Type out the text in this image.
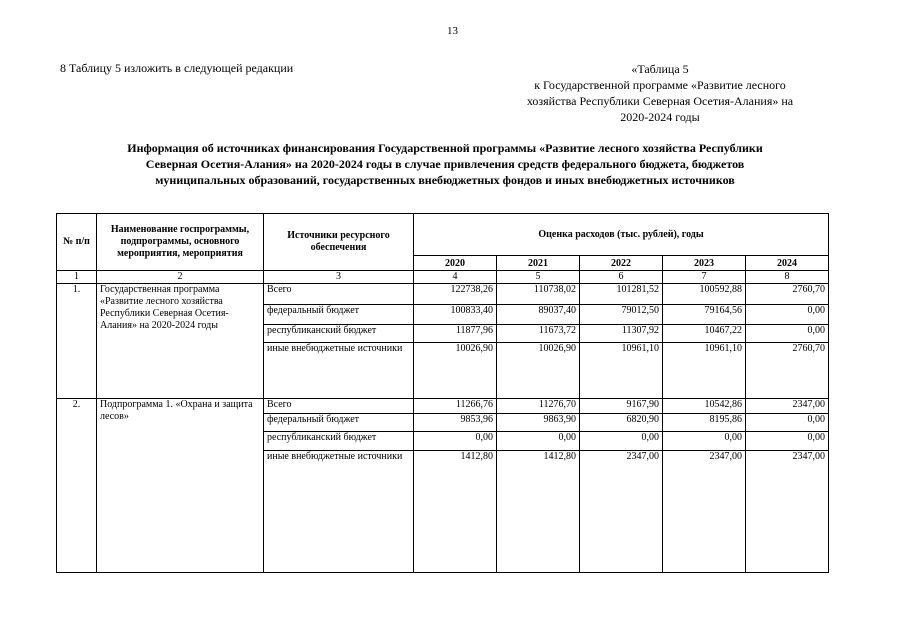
13
8 Таблицу 5 изложить в следующей редакции	«Таблица 5
к Государственной программе «Развитие лесного
хозяйства Республики Северная Осетия-Алания» на
2020-2024 годы
Информация об источниках финансирования Государственной программы «Развитие лесного хозяйства Республики
Северная Осетия-Алания» на 2020-2024 годы в случае привлечения средств федерального бюджета, бюджетов
муниципальных образований, государственных внебюджетных фондов и иных внебюджетных источников
№ п/п	Наименование госпрограммы, подпрограммы, основного мероприятия, мероприятия	Источники ресурсного обеспечения	Оценка расходов (тыс. рублей), годы				
			2020	2021	2022	2023	2024
1	2	3	4	5	6	7	8
1.	Государственная программа «Развитие лесного хозяйства Республики Северная Осетия-Алания» на 2020-2024 годы	Всего	122738,26	110738,02	101281,52	100592,88	2760,70
		федеральный бюджет	100833,40	89037,40	79012,50	79164,56	0,00
		республиканский бюджет	11877,96	11673,72	11307,92	10467,22	0,00
		иные внебюджетные источники	10026,90	10026,90	10961,10	10961,10	2760,70
2.	Подпрограмма 1. «Охрана и защита лесов»	Всего	11266,76	11276,70	9167,90	10542,86	2347,00
		федеральный бюджет	9853,96	9863,90	6820,90	8195,86	0,00
		республиканский бюджет	0,00	0,00	0,00	0,00	0,00
		иные внебюджетные источники	1412,80	1412,80	2347,00	2347,00	2347,00
